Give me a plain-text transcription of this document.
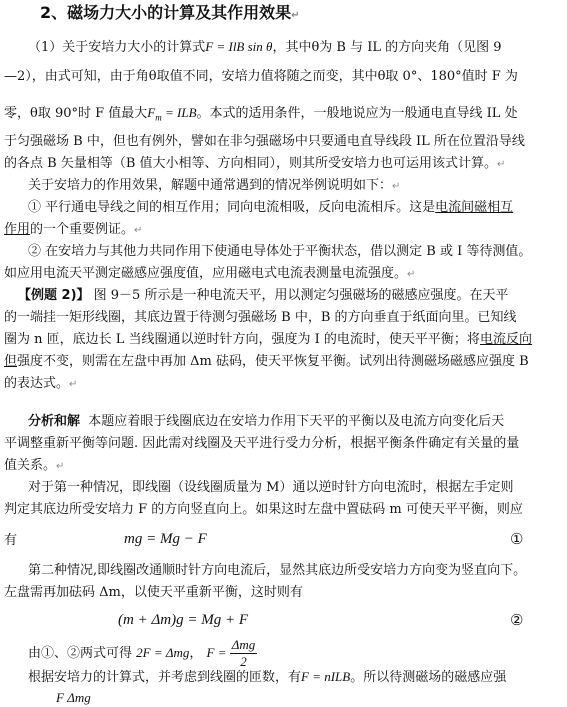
2、磁场力大小的计算及其作用效果↵
（1）关于安培力大小的计算式F = IlB sin θ，其中θ为 B 与 IL 的方向夹角（见图 9
—2），由式可知，由于角θ取值不同，安培力值将随之而变，其中θ取 0°、180°值时 F 为
零，θ取 90°时 F 值最大$F_m$ = ILB。本式的适用条件，一般地说应为一般通电直导线 IL 处
于匀强磁场 B 中，但也有例外，譬如在非匀强磁场中只要通电直导线段 IL 所在位置沿导线
的各点 B 矢量相等（B 值大小相等、方向相同），则其所受安培力也可运用该式计算。↵
关于安培力的作用效果，解题中通常遇到的情况举例说明如下：↵
① 平行通电导线之间的相互作用；同向电流相吸，反向电流相斥。这是电流间磁相互
作用的一个重要例证。↵
② 在安培力与其他力共同作用下使通电导体处于平衡状态，借以测定 B 或 I 等待测值。
如应用电流天平测定磁感应强度值，应用磁电式电流表测量电流强度。↵
【例题 2)】 图 9－5 所示是一种电流天平，用以测定匀强磁场的磁感应强度。在天平
的一端挂一矩形线圈，其底边置于待测匀强磁场 B 中，B 的方向垂直于纸面向里。已知线
圈为 n 匝，底边长 L 当线圈通以逆时针方向，强度为 I 的电流时，使天平平衡；将电流反向
但强度不变，则需在左盘中再加 Δm 砝码，使天平恢复平衡。试列出待测磁场磁感应强度 B
的表达式。↵
分析和解 本题应着眼于线圈底边在安培力作用下天平的平衡以及电流方向变化后天
平调整重新平衡等问题. 因此需对线圈及天平进行受力分析，根据平衡条件确定有关量的量
值关系。↵
对于第一种情况，即线圈（设线圈质量为 M）通以逆时针方向电流时，根据左手定则
判定其底边所受安培力 F 的方向竖直向上。如果这时左盘中置砝码 m 可使天平平衡，则应
有	mg = Mg − F	①
第二种情况,即线圈改通顺时针方向电流后，显然其底边所受安培力方向变为竖直向下。
左盘需再加砝码 Δm，以使天平重新平衡，这时则有
(m + Δm)g = Mg + F	②
由①、②两式可得 2F = Δmg， $F = \frac{\text{Δmg}}{2}$
根据安培力的计算式，并考虑到线圈的匝数，有F = nILB。所以待测磁场的磁感应强
F Δmg
